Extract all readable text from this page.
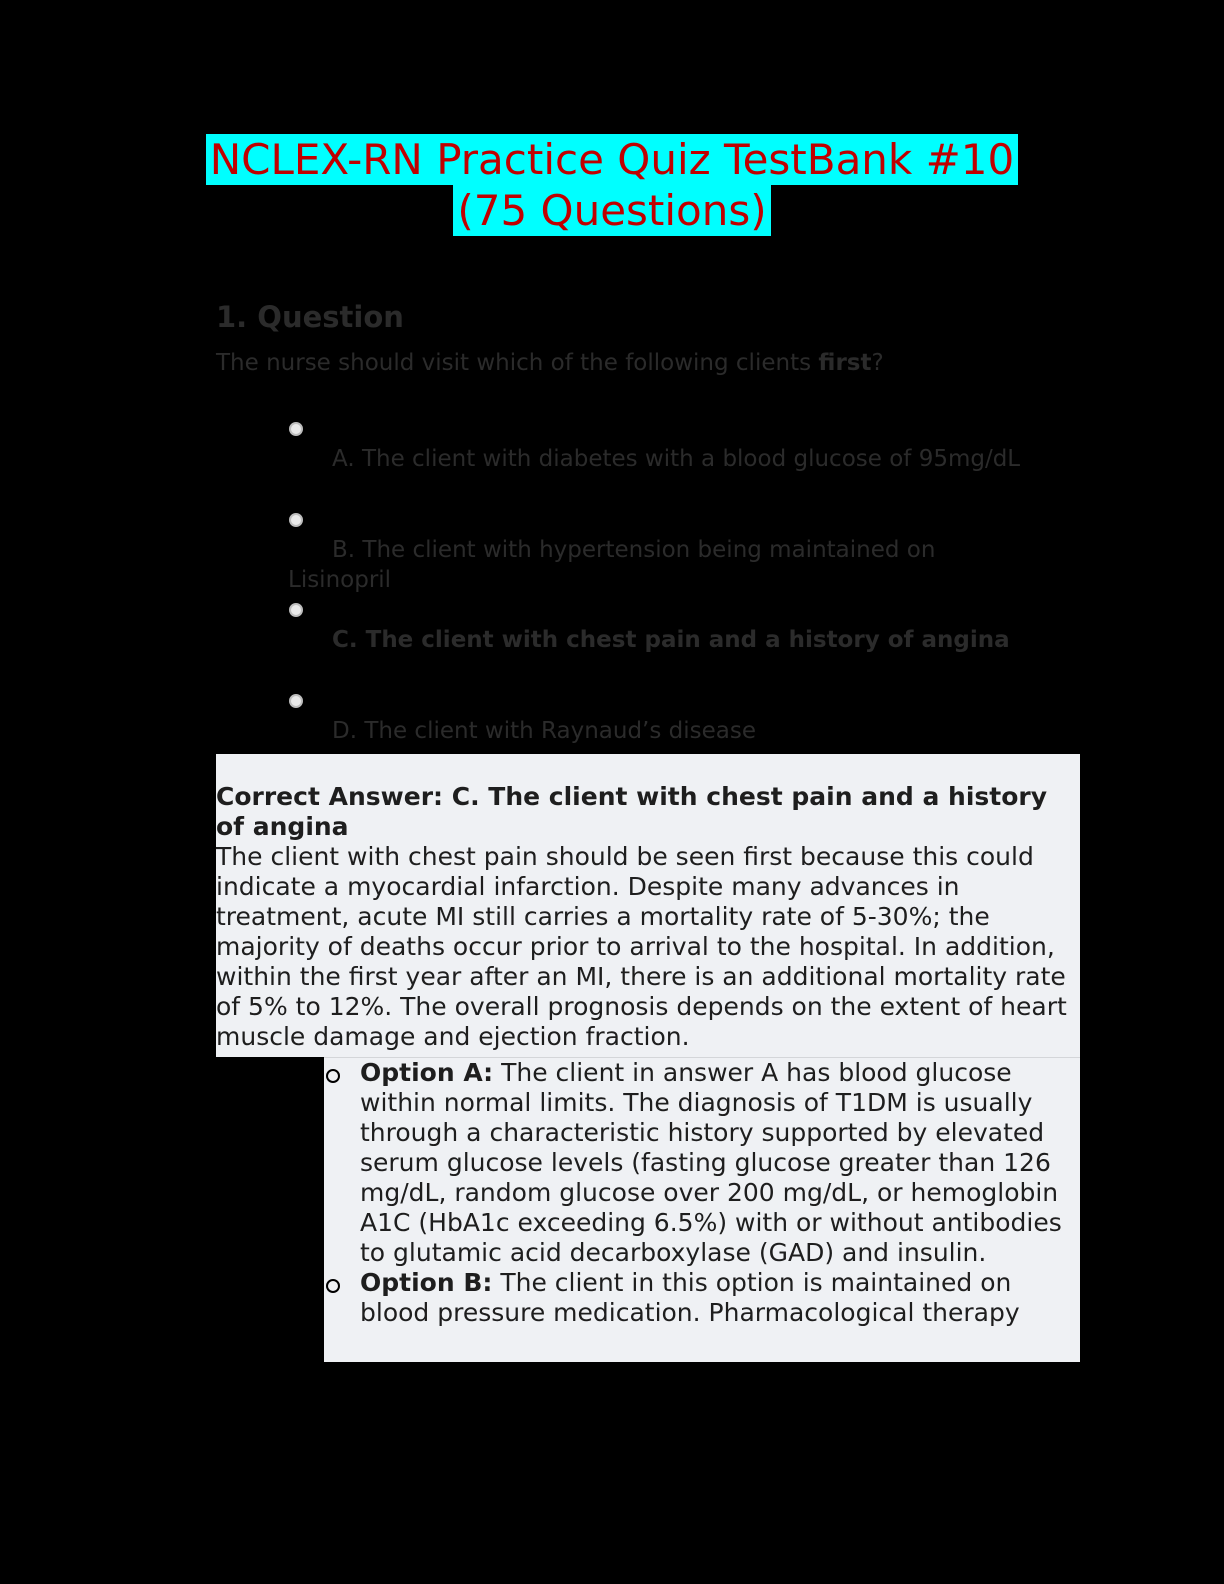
NCLEX-RN Practice Quiz TestBank #10
(75 Questions)
1. Question
The nurse should visit which of the following clients first?
A. The client with diabetes with a blood glucose of 95mg/dL
B. The client with hypertension being maintained on Lisinopril
C. The client with chest pain and a history of angina
D. The client with Raynaud’s disease
Correct Answer: C. The client with chest pain and a history of angina

The client with chest pain should be seen first because this could indicate a myocardial infarction. Despite many advances in treatment, acute MI still carries a mortality rate of 5-30%; the majority of deaths occur prior to arrival to the hospital. In addition, within the first year after an MI, there is an additional mortality rate of 5% to 12%. The overall prognosis depends on the extent of heart muscle damage and ejection fraction.

Option A: The client in answer A has blood glucose within normal limits. The diagnosis of T1DM is usually through a characteristic history supported by elevated serum glucose levels (fasting glucose greater than 126 mg/dL, random glucose over 200 mg/dL, or hemoglobin A1C (HbA1c exceeding 6.5%) with or without antibodies to glutamic acid decarboxylase (GAD) and insulin.
Option B: The client in this option is maintained on blood pressure medication. Pharmacological therapy
